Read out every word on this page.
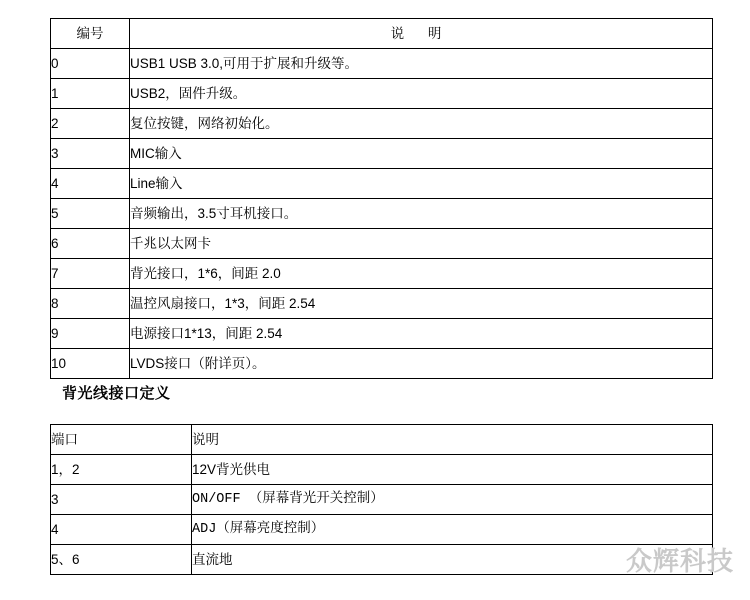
编号	说 明
0	USB1 USB 3.0,可用于扩展和升级等。
1	USB2，固件升级。
2	复位按键，网络初始化。
3	MIC输入
4	Line输入
5	音频输出，3.5寸耳机接口。
6	千兆以太网卡
7	背光接口，1*6，间距 2.0
8	温控风扇接口，1*3，间距 2.54
9	电源接口1*13，间距 2.54
10	LVDS接口（附详页）。
背光线接口定义
端口	说明
1，2	12V背光供电
3	ON/OFF （屏幕背光开关控制）
4	ADJ（屏幕亮度控制）
5、6	直流地	众辉科技
